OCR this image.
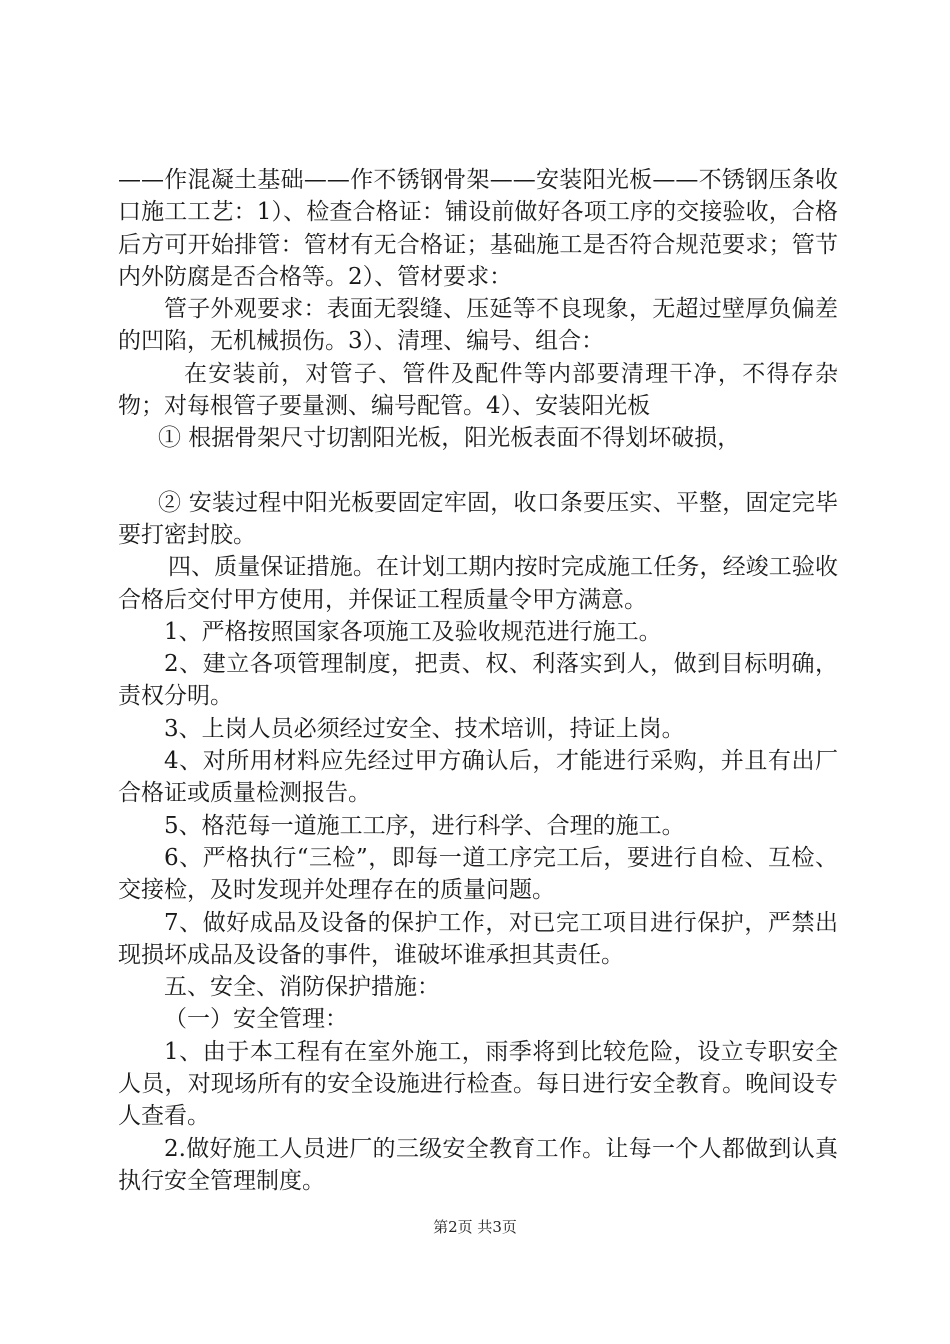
——作混凝土基础——作不锈钢骨架——安装阳光板——不锈钢压条收口施工工艺：1）、检查合格证：铺设前做好各项工序的交接验收，合格后方可开始排管：管材有无合格证；基础施工是否符合规范要求；管节内外防腐是否合格等。2）、管材要求：

管子外观要求：表面无裂缝、压延等不良现象，无超过壁厚负偏差的凹陷，无机械损伤。3）、清理、编号、组合：

在安装前，对管子、管件及配件等内部要清理干净，不得存杂物；对每根管子要量测、编号配管。4）、安装阳光板

① 根据骨架尺寸切割阳光板，阳光板表面不得划坏破损，

② 安装过程中阳光板要固定牢固，收口条要压实、平整，固定完毕要打密封胶。

四、质量保证措施。在计划工期内按时完成施工任务，经竣工验收合格后交付甲方使用，并保证工程质量令甲方满意。

1、严格按照国家各项施工及验收规范进行施工。

2、建立各项管理制度，把责、权、利落实到人，做到目标明确，责权分明。

3、上岗人员必须经过安全、技术培训，持证上岗。

4、对所用材料应先经过甲方确认后，才能进行采购，并且有出厂合格证或质量检测报告。

5、格范每一道施工工序，进行科学、合理的施工。

6、严格执行“三检”，即每一道工序完工后，要进行自检、互检、交接检，及时发现并处理存在的质量问题。

7、做好成品及设备的保护工作，对已完工项目进行保护，严禁出现损坏成品及设备的事件，谁破坏谁承担其责任。

五、安全、消防保护措施：

（一）安全管理：

1、由于本工程有在室外施工，雨季将到比较危险，设立专职安全人员，对现场所有的安全设施进行检查。每日进行安全教育。晚间设专人查看。

2.做好施工人员进厂的三级安全教育工作。让每一个人都做到认真执行安全管理制度。

第2页 共3页
